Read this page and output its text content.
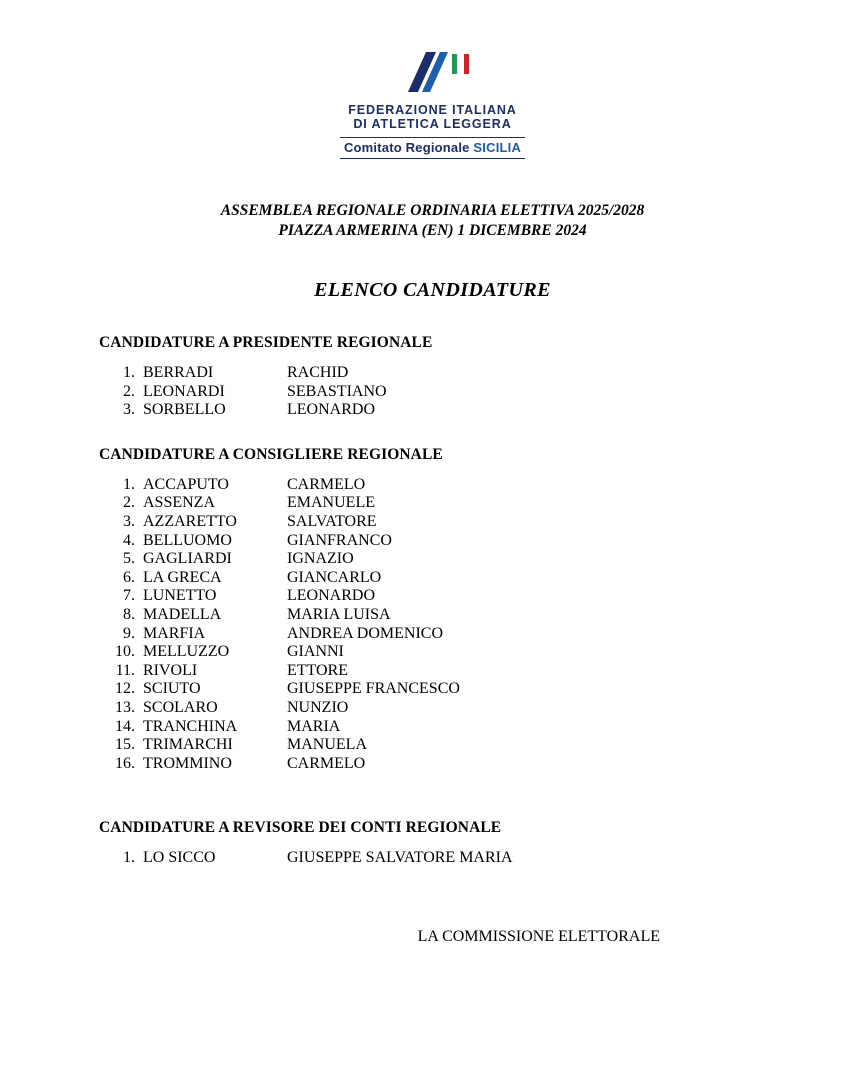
FEDERAZIONE ITALIANA
DI ATLETICA LEGGERA
Comitato Regionale SICILIA
ASSEMBLEA REGIONALE ORDINARIA ELETTIVA 2025/2028
PIAZZA ARMERINA (EN) 1 DICEMBRE 2024
ELENCO CANDIDATURE
CANDIDATURE A PRESIDENTE REGIONALE
1. BERRADI	RACHID
2. LEONARDI	SEBASTIANO
3. SORBELLO	LEONARDO
CANDIDATURE A CONSIGLIERE REGIONALE
1. ACCAPUTO	CARMELO
2. ASSENZA	EMANUELE
3. AZZARETTO	SALVATORE
4. BELLUOMO	GIANFRANCO
5. GAGLIARDI	IGNAZIO
6. LA GRECA	GIANCARLO
7. LUNETTO	LEONARDO
8. MADELLA	MARIA LUISA
9. MARFIA	ANDREA DOMENICO
10. MELLUZZO	GIANNI
11. RIVOLI	ETTORE
12. SCIUTO	GIUSEPPE FRANCESCO
13. SCOLARO	NUNZIO
14. TRANCHINA	MARIA
15. TRIMARCHI	MANUELA
16. TROMMINO	CARMELO
CANDIDATURE A REVISORE DEI CONTI REGIONALE
1. LO SICCO	GIUSEPPE SALVATORE MARIA
LA COMMISSIONE ELETTORALE
